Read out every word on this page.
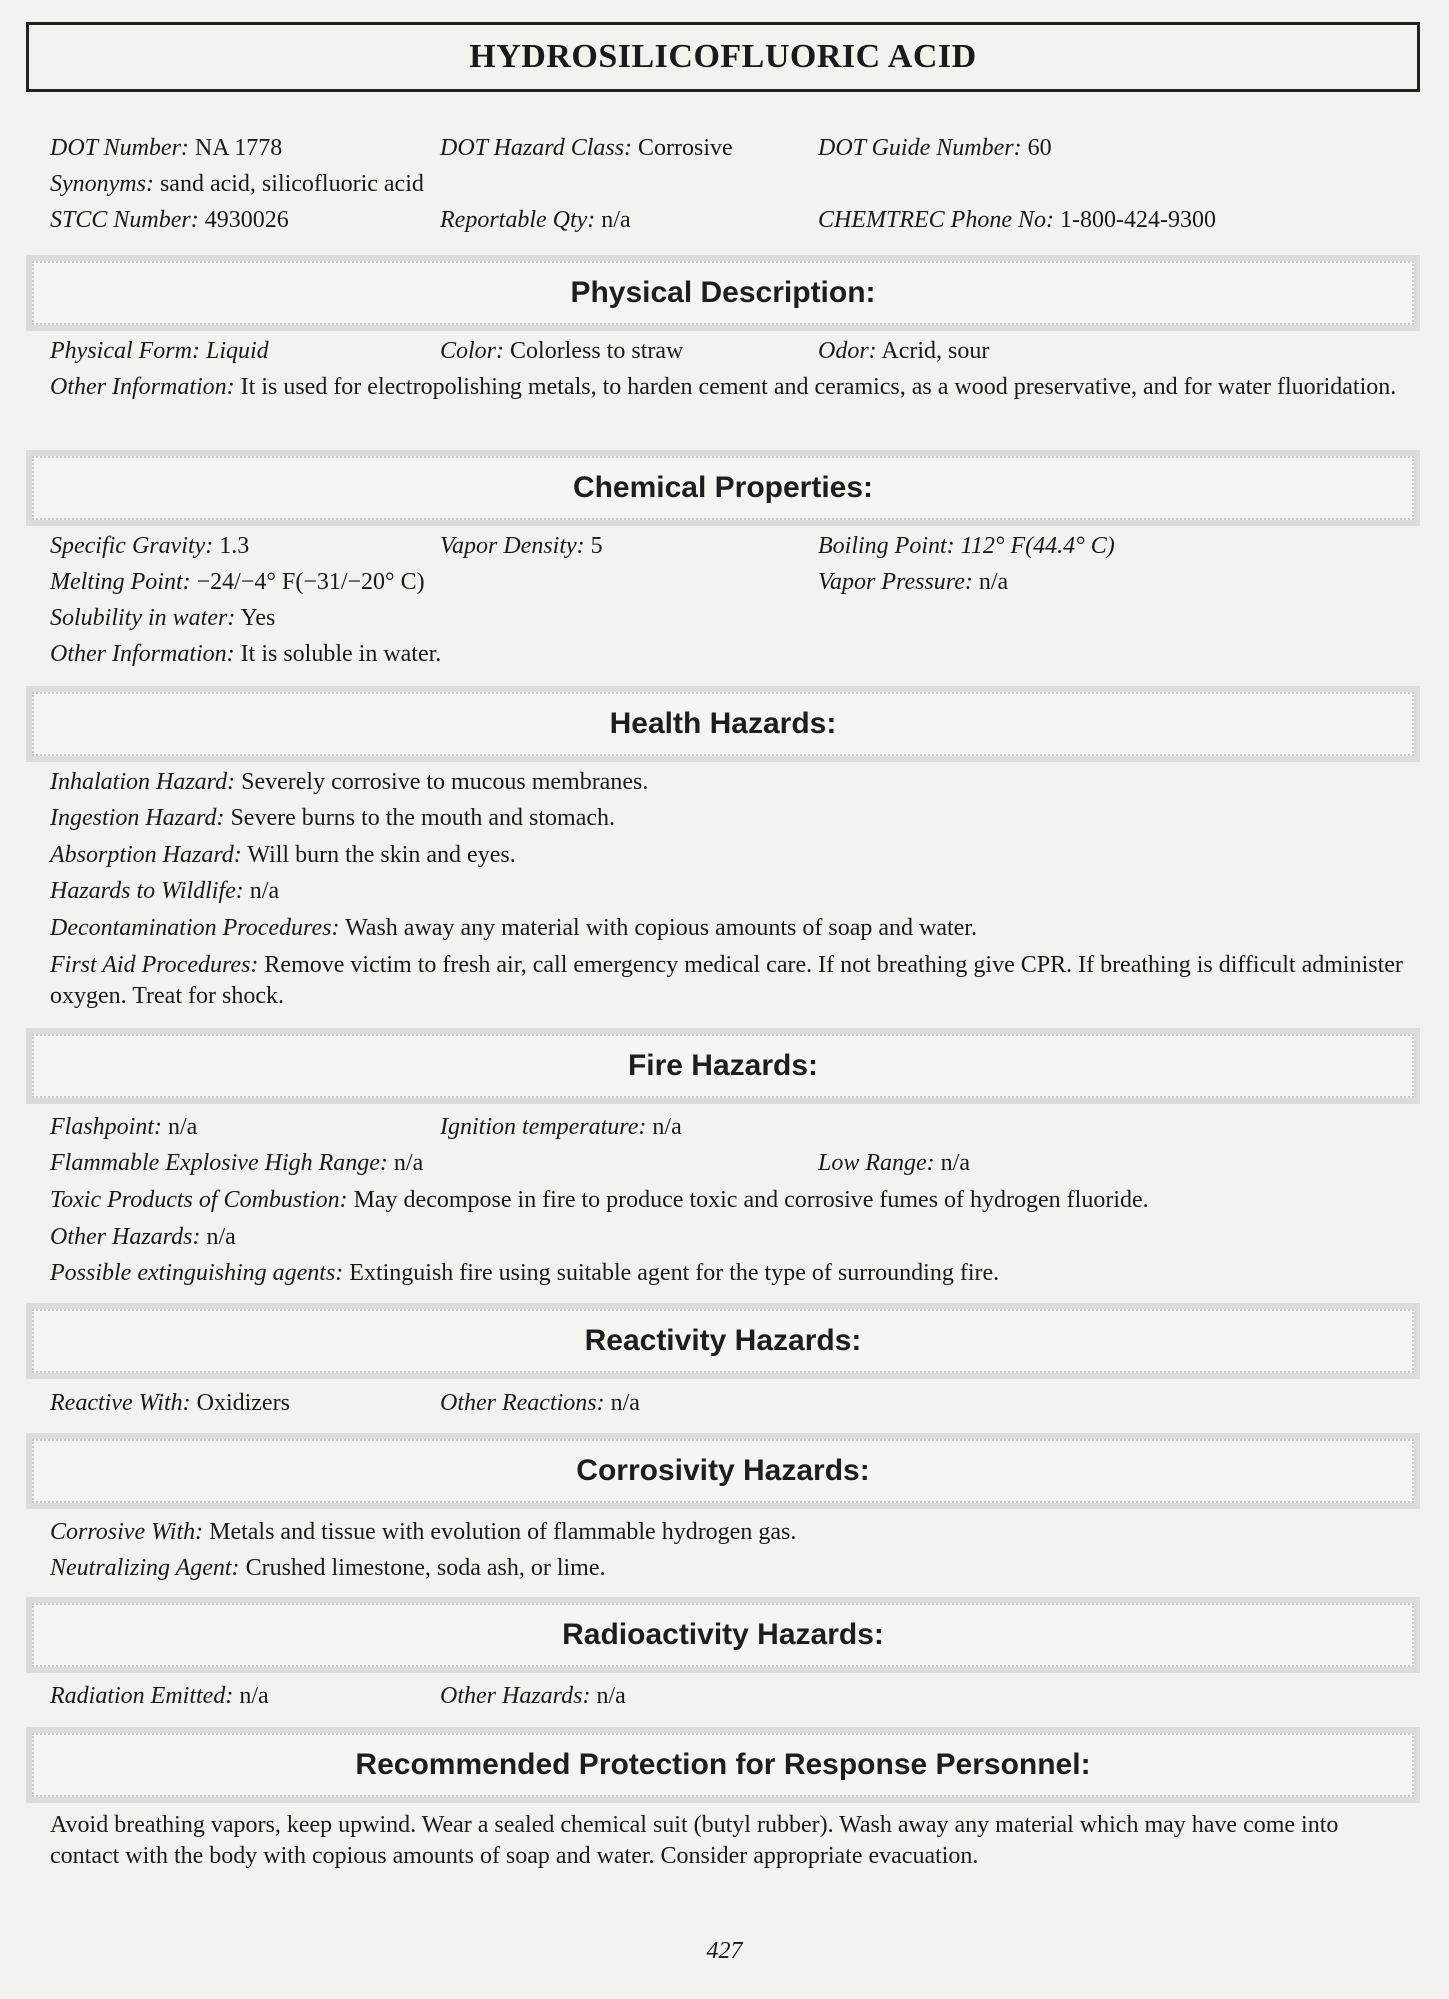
HYDROSILICOFLUORIC ACID
DOT Number: NA 1778	DOT Hazard Class: Corrosive	DOT Guide Number: 60
Synonyms: sand acid, silicofluoric acid
STCC Number: 4930026	Reportable Qty: n/a	CHEMTREC Phone No: 1-800-424-9300
Physical Description:
Physical Form: Liquid	Color: Colorless to straw	Odor: Acrid, sour
Other Information: It is used for electropolishing metals, to harden cement and ceramics, as a wood preservative, and for water fluoridation.
Chemical Properties:
Specific Gravity: 1.3	Vapor Density: 5	Boiling Point: 112° F(44.4° C)
Melting Point: −24/−4° F(−31/−20° C)	Vapor Pressure: n/a
Solubility in water: Yes
Other Information: It is soluble in water.
Health Hazards:
Inhalation Hazard: Severely corrosive to mucous membranes.
Ingestion Hazard: Severe burns to the mouth and stomach.
Absorption Hazard: Will burn the skin and eyes.
Hazards to Wildlife: n/a
Decontamination Procedures: Wash away any material with copious amounts of soap and water.
First Aid Procedures: Remove victim to fresh air, call emergency medical care. If not breathing give CPR. If breathing is difficult administer oxygen. Treat for shock.
Fire Hazards:
Flashpoint: n/a	Ignition temperature: n/a
Flammable Explosive High Range: n/a	Low Range: n/a
Toxic Products of Combustion: May decompose in fire to produce toxic and corrosive fumes of hydrogen fluoride.
Other Hazards: n/a
Possible extinguishing agents: Extinguish fire using suitable agent for the type of surrounding fire.
Reactivity Hazards:
Reactive With: Oxidizers	Other Reactions: n/a
Corrosivity Hazards:
Corrosive With: Metals and tissue with evolution of flammable hydrogen gas.
Neutralizing Agent: Crushed limestone, soda ash, or lime.
Radioactivity Hazards:
Radiation Emitted: n/a	Other Hazards: n/a
Recommended Protection for Response Personnel:
Avoid breathing vapors, keep upwind. Wear a sealed chemical suit (butyl rubber). Wash away any material which may have come into contact with the body with copious amounts of soap and water. Consider appropriate evacuation.
427
